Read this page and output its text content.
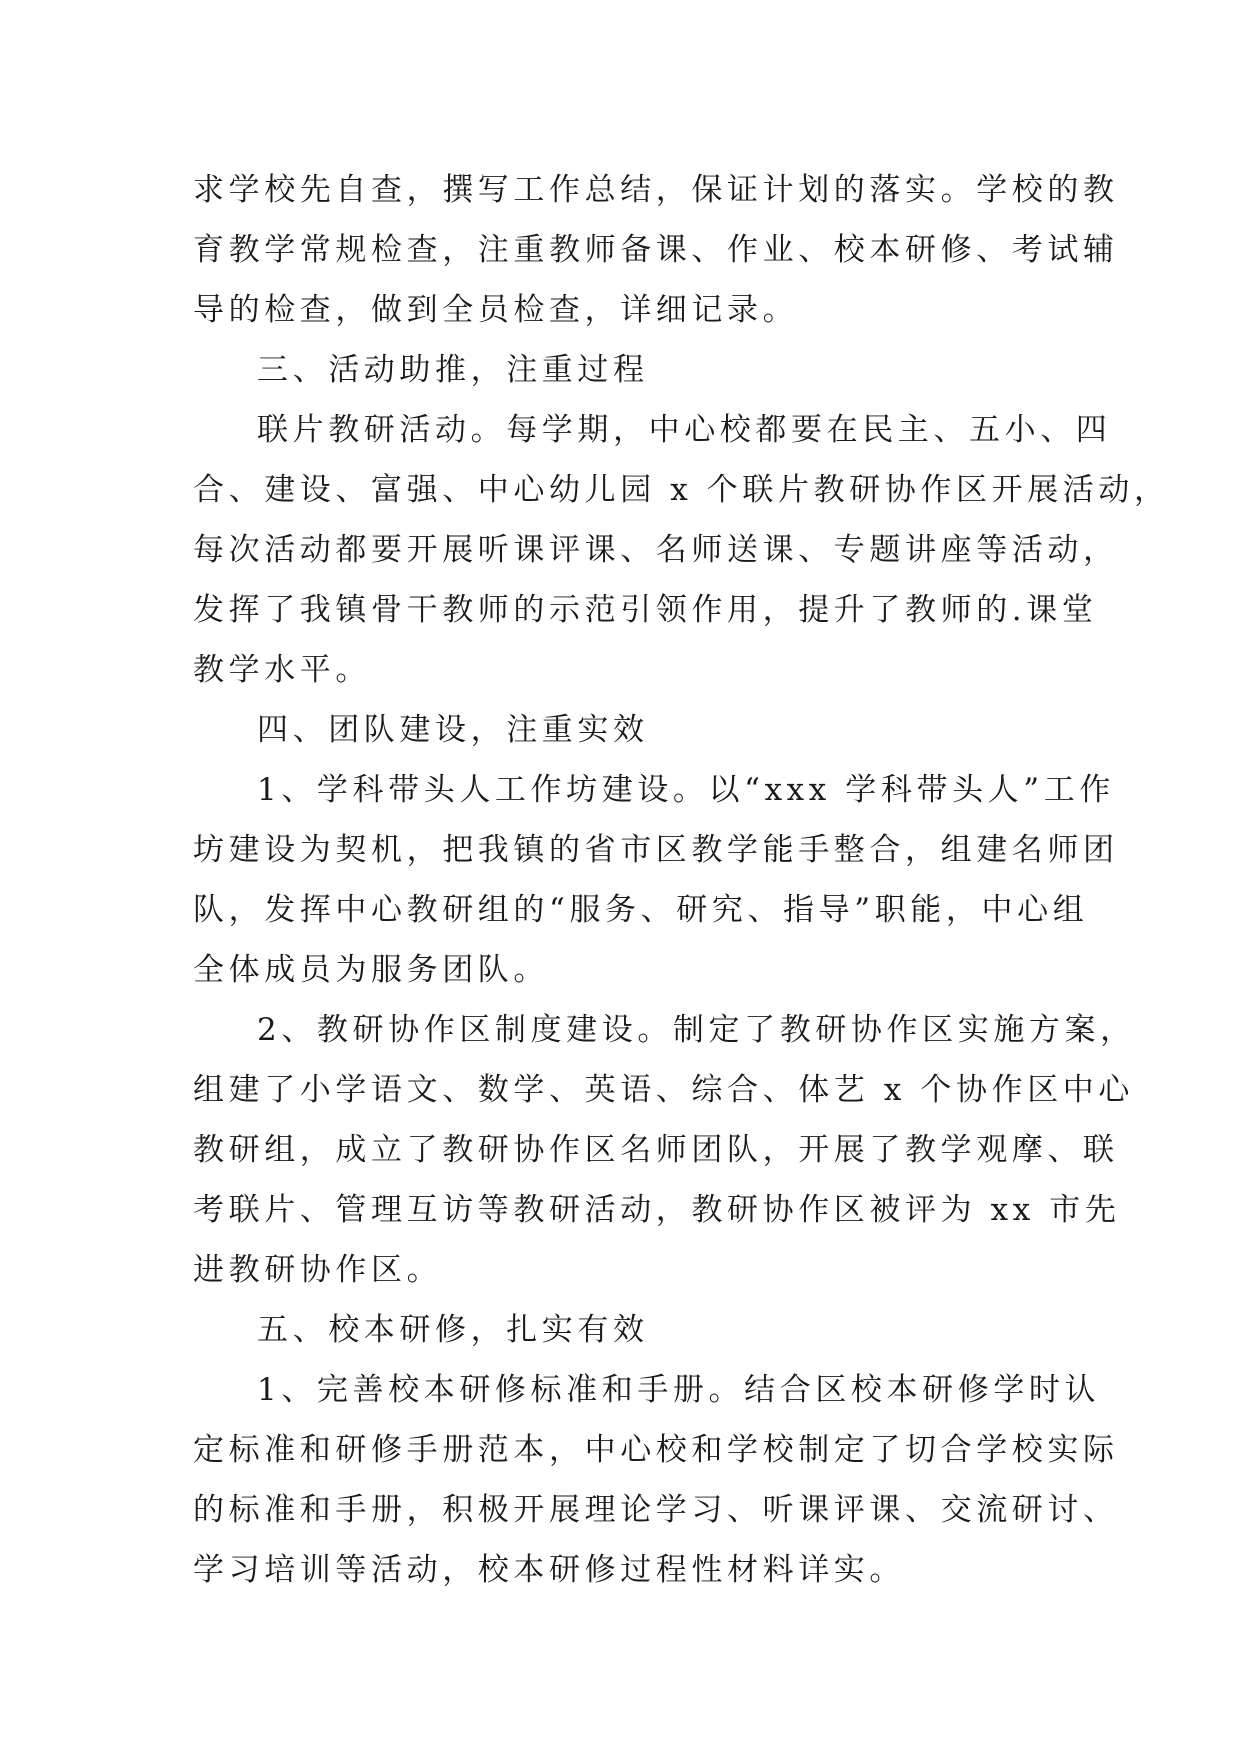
求学校先自查，撰写工作总结，保证计划的落实。学校的教
育教学常规检查，注重教师备课、作业、校本研修、考试辅
导的检查，做到全员检查，详细记录。
三、活动助推，注重过程
联片教研活动。每学期，中心校都要在民主、五小、四
合、建设、富强、中心幼儿园 x 个联片教研协作区开展活动，
每次活动都要开展听课评课、名师送课、专题讲座等活动，
发挥了我镇骨干教师的示范引领作用，提升了教师的.课堂
教学水平。
四、团队建设，注重实效
1、学科带头人工作坊建设。以“xxx 学科带头人”工作
坊建设为契机，把我镇的省市区教学能手整合，组建名师团
队，发挥中心教研组的“服务、研究、指导”职能，中心组
全体成员为服务团队。
2、教研协作区制度建设。制定了教研协作区实施方案，
组建了小学语文、数学、英语、综合、体艺 x 个协作区中心
教研组，成立了教研协作区名师团队，开展了教学观摩、联
考联片、管理互访等教研活动，教研协作区被评为 xx 市先
进教研协作区。
五、校本研修，扎实有效
1、完善校本研修标准和手册。结合区校本研修学时认
定标准和研修手册范本，中心校和学校制定了切合学校实际
的标准和手册，积极开展理论学习、听课评课、交流研讨、
学习培训等活动，校本研修过程性材料详实。
